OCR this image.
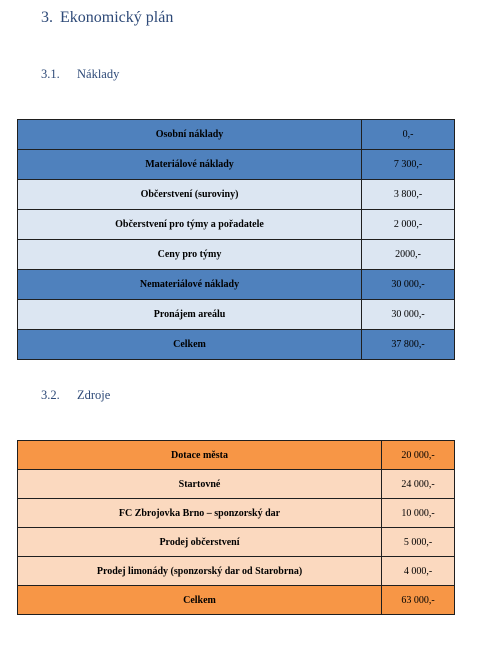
3. Ekonomický plán
3.1. Náklady
Osobní náklady	0,-
Materiálové náklady	7 300,-
Občerstvení (suroviny)	3 800,-
Občerstvení pro týmy a pořadatele	2 000,-
Ceny pro týmy	2000,-
Nemateriálové náklady	30 000,-
Pronájem areálu	30 000,-
Celkem	37 800,-
3.2. Zdroje
Dotace města	20 000,-
Startovné	24 000,-
FC Zbrojovka Brno – sponzorský dar	10 000,-
Prodej občerstvení	5 000,-
Prodej limonády (sponzorský dar od Starobrna)	4 000,-
Celkem	63 000,-
